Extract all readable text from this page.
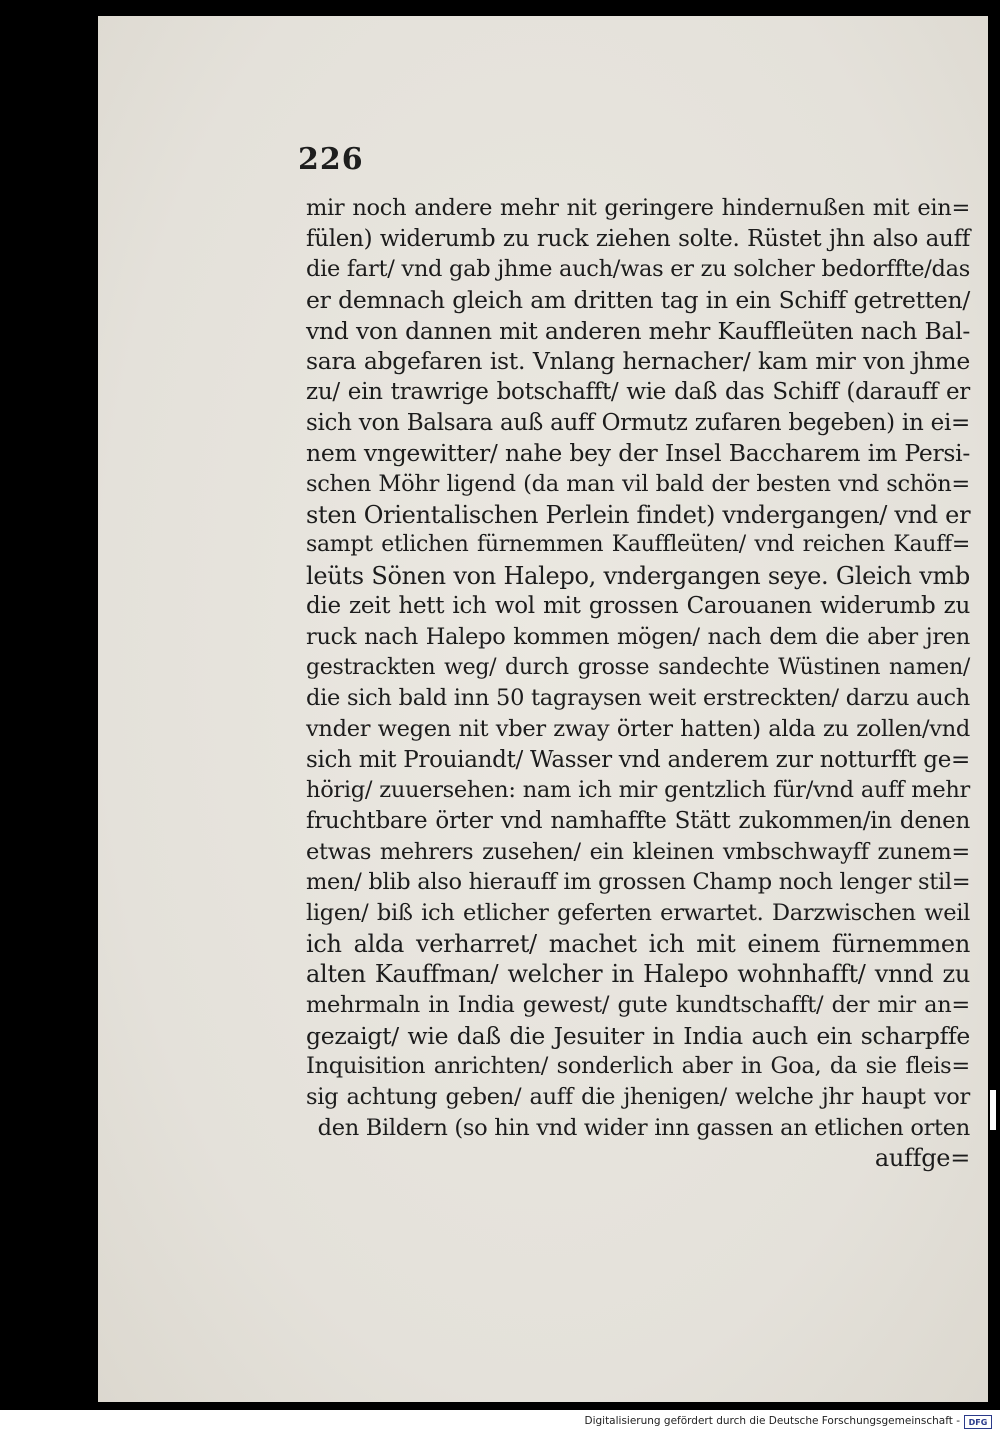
226
mir noch andere mehr nit geringere hindernußen mit ein=
fülen) widerumb zu ruck ziehen solte. Rüstet jhn also auff
die fart/ vnd gab jhme auch/was er zu solcher bedorffte/das
er demnach gleich am dritten tag in ein Schiff getretten/
vnd von dannen mit anderen mehr Kauffleüten nach Bal-
sara abgefaren ist. Vnlang hernacher/ kam mir von jhme
zu/ ein trawrige botschafft/ wie daß das Schiff (darauff er
sich von Balsara auß auff Ormutz zufaren begeben) in ei=
nem vngewitter/ nahe bey der Insel Baccharem im Persi-
schen Möhr ligend (da man vil bald der besten vnd schön=
sten Orientalischen Perlein findet) vndergangen/ vnd er
sampt etlichen fürnemmen Kauffleüten/ vnd reichen Kauff=
leüts Sönen von Halepo, vndergangen seye. Gleich vmb
die zeit hett ich wol mit grossen Carouanen widerumb zu
ruck nach Halepo kommen mögen/ nach dem die aber jren
gestrackten weg/ durch grosse sandechte Wüstinen namen/
die sich bald inn 50 tagraysen weit erstreckten/ darzu auch
vnder wegen nit vber zway örter hatten) alda zu zollen/vnd
sich mit Prouiandt/ Wasser vnd anderem zur notturfft ge=
hörig/ zuuersehen: nam ich mir gentzlich für/vnd auff mehr
fruchtbare örter vnd namhaffte Stätt zukommen/in denen
etwas mehrers zusehen/ ein kleinen vmbschwayff zunem=
men/ blib also hierauff im grossen Champ noch lenger stil=
ligen/ biß ich etlicher geferten erwartet. Darzwischen weil
ich alda verharret/ machet ich mit einem fürnemmen
alten Kauffman/ welcher in Halepo wohnhafft/ vnnd zu
mehrmaln in India gewest/ gute kundtschafft/ der mir an=
gezaigt/ wie daß die Jesuiter in India auch ein scharpffe
Inquisition anrichten/ sonderlich aber in Goa, da sie fleis=
sig achtung geben/ auff die jhenigen/ welche jhr haupt vor
den Bildern (so hin vnd wider inn gassen an etlichen orten
auffge=
Digitalisierung gefördert durch die Deutsche Forschungsgemeinschaft -	DFG
